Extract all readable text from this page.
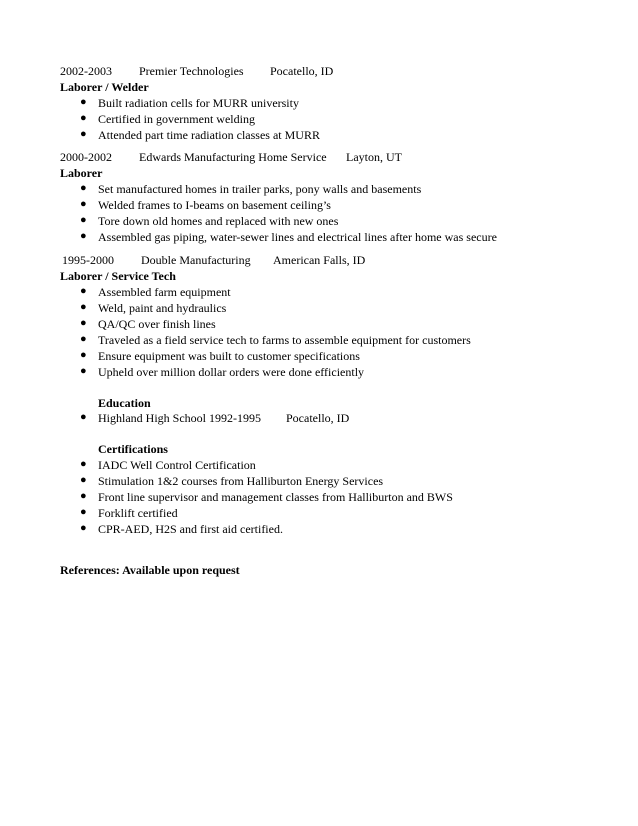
2002-2003 Premier Technologies Pocatello, ID
Laborer / Welder
● Built radiation cells for MURR university
● Certified in government welding
● Attended part time radiation classes at MURR
2000-2002 Edwards Manufacturing Home Service Layton, UT
Laborer
● Set manufactured homes in trailer parks, pony walls and basements
● Welded frames to I-beams on basement ceiling’s
● Tore down old homes and replaced with new ones
● Assembled gas piping, water-sewer lines and electrical lines after home was secure
1995-2000 Double Manufacturing American Falls, ID
Laborer / Service Tech
● Assembled farm equipment
● Weld, paint and hydraulics
● QA/QC over finish lines
● Traveled as a field service tech to farms to assemble equipment for customers
● Ensure equipment was built to customer specifications
● Upheld over million dollar orders were done efficiently
Education
● Highland High School 1992-1995 Pocatello, ID
Certifications
● IADC Well Control Certification
● Stimulation 1&2 courses from Halliburton Energy Services
● Front line supervisor and management classes from Halliburton and BWS
● Forklift certified
● CPR-AED, H2S and first aid certified.
References: Available upon request
